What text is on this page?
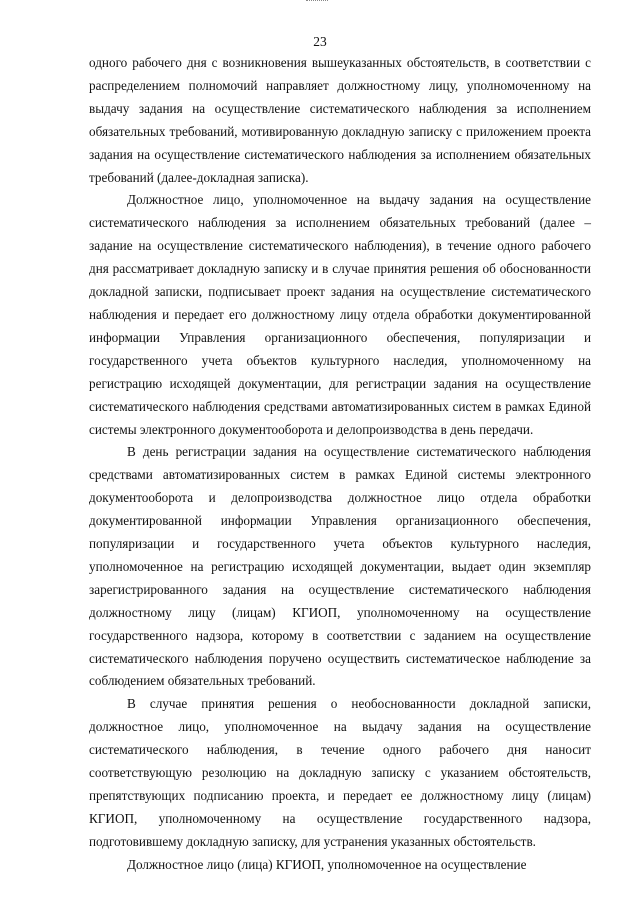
23

одного рабочего дня с возникновения вышеуказанных обстоятельств, в соответствии с распределением полномочий направляет должностному лицу, уполномоченному на выдачу задания на осуществление систематического наблюдения за исполнением обязательных требований, мотивированную докладную записку с приложением проекта задания на осуществление систематического наблюдения за исполнением обязательных требований (далее-докладная записка).

Должностное лицо, уполномоченное на выдачу задания на осуществление систематического наблюдения за исполнением обязательных требований (далее – задание на осуществление систематического наблюдения), в течение одного рабочего дня рассматривает докладную записку и в случае принятия решения об обоснованности докладной записки, подписывает проект задания на осуществление систематического наблюдения и передает его должностному лицу отдела обработки документированной информации Управления организационного обеспечения, популяризации и государственного учета объектов культурного наследия, уполномоченному на регистрацию исходящей документации, для регистрации задания на осуществление систематического наблюдения средствами автоматизированных систем в рамках Единой системы электронного документооборота и делопроизводства в день передачи.

В день регистрации задания на осуществление систематического наблюдения средствами автоматизированных систем в рамках Единой системы электронного документооборота и делопроизводства должностное лицо отдела обработки документированной информации Управления организационного обеспечения, популяризации и государственного учета объектов культурного наследия, уполномоченное на регистрацию исходящей документации, выдает один экземпляр зарегистрированного задания на осуществление систематического наблюдения должностному лицу (лицам) КГИОП, уполномоченному на осуществление государственного надзора, которому в соответствии с заданием на осуществление систематического наблюдения поручено осуществить систематическое наблюдение за соблюдением обязательных требований.

В случае принятия решения о необоснованности докладной записки, должностное лицо, уполномоченное на выдачу задания на осуществление систематического наблюдения, в течение одного рабочего дня наносит соответствующую резолюцию на докладную записку с указанием обстоятельств, препятствующих подписанию проекта, и передает ее должностному лицу (лицам) КГИОП, уполномоченному на осуществление государственного надзора, подготовившему докладную записку, для устранения указанных обстоятельств.

Должностное лицо (лица) КГИОП, уполномоченное на осуществление
